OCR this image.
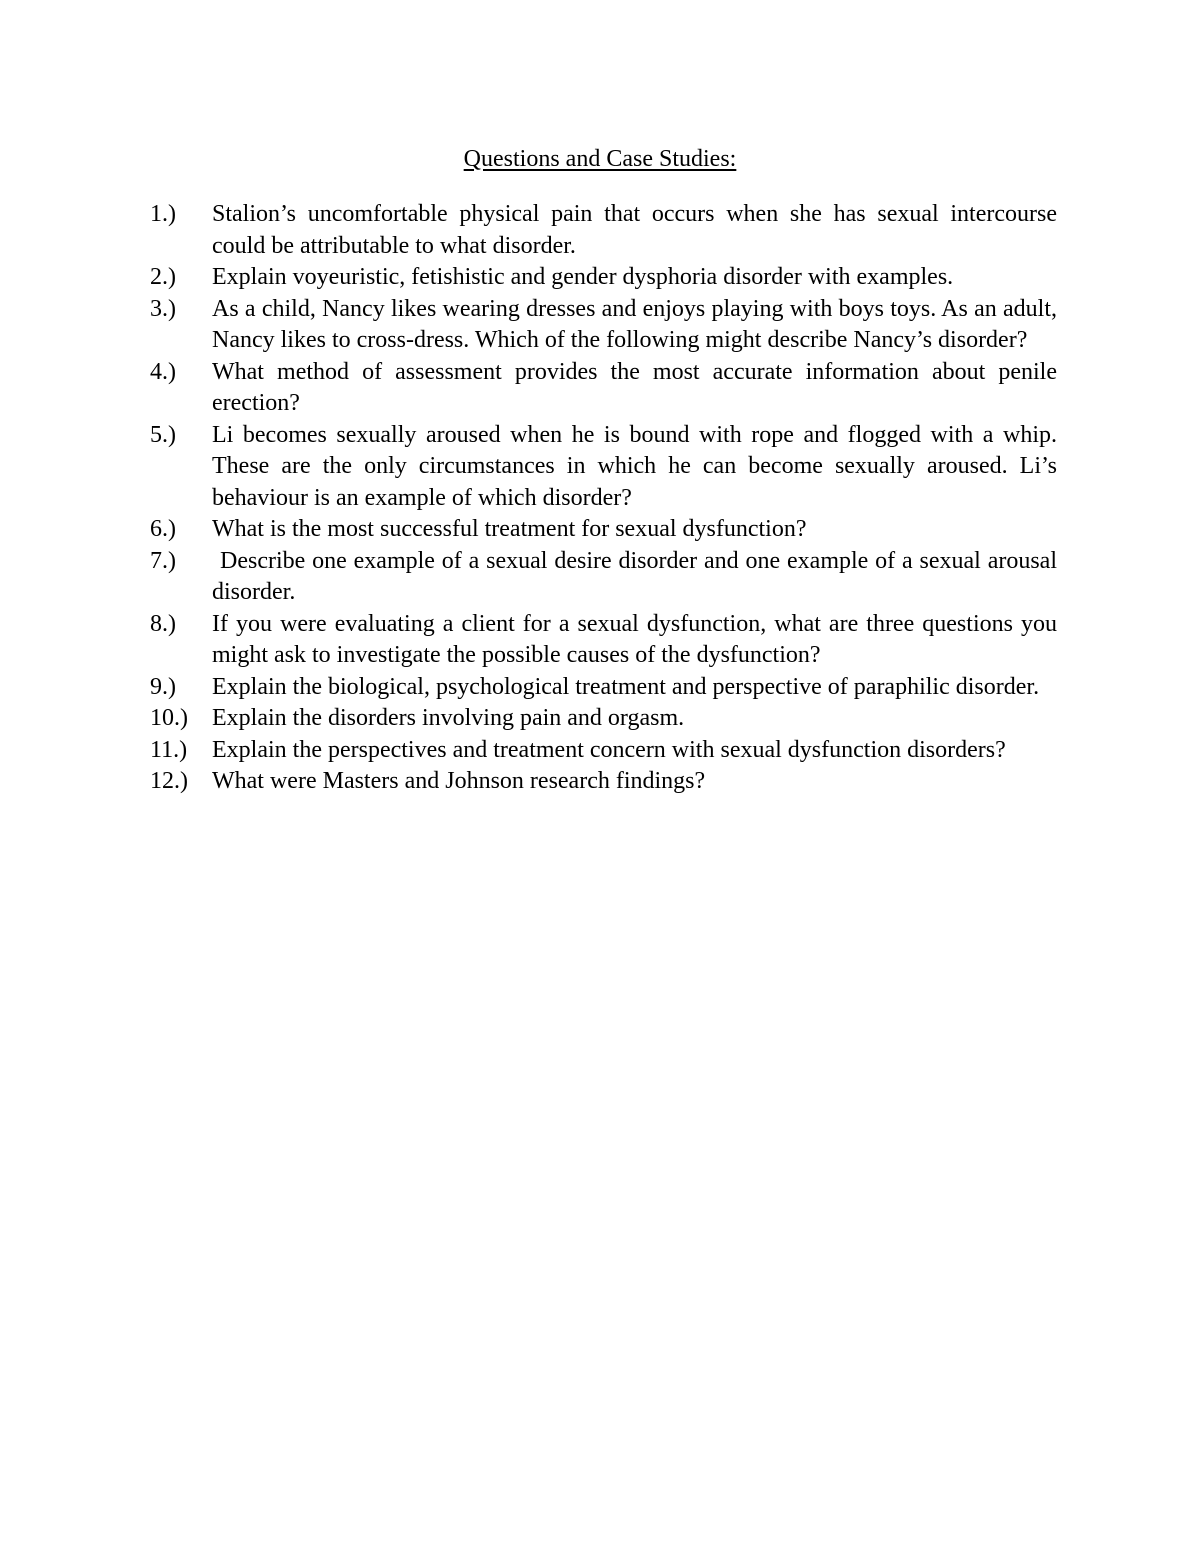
Questions and Case Studies:
1.)	Stalion’s uncomfortable physical pain that occurs when she has sexual intercourse could be attributable to what disorder.
2.)	Explain voyeuristic, fetishistic and gender dysphoria disorder with examples.
3.)	As a child, Nancy likes wearing dresses and enjoys playing with boys toys. As an adult, Nancy likes to cross-dress. Which of the following might describe Nancy’s disorder?
4.)	What method of assessment provides the most accurate information about penile erection?
5.)	Li becomes sexually aroused when he is bound with rope and flogged with a whip. These are the only circumstances in which he can become sexually aroused. Li’s behaviour is an example of which disorder?
6.)	What is the most successful treatment for sexual dysfunction?
7.)	Describe one example of a sexual desire disorder and one example of a sexual arousal disorder.
8.)	If you were evaluating a client for a sexual dysfunction, what are three questions you might ask to investigate the possible causes of the dysfunction?
9.)	Explain the biological, psychological treatment and perspective of paraphilic disorder.
10.)	Explain the disorders involving pain and orgasm.
11.)	Explain the perspectives and treatment concern with sexual dysfunction disorders?
12.)	What were Masters and Johnson research findings?
